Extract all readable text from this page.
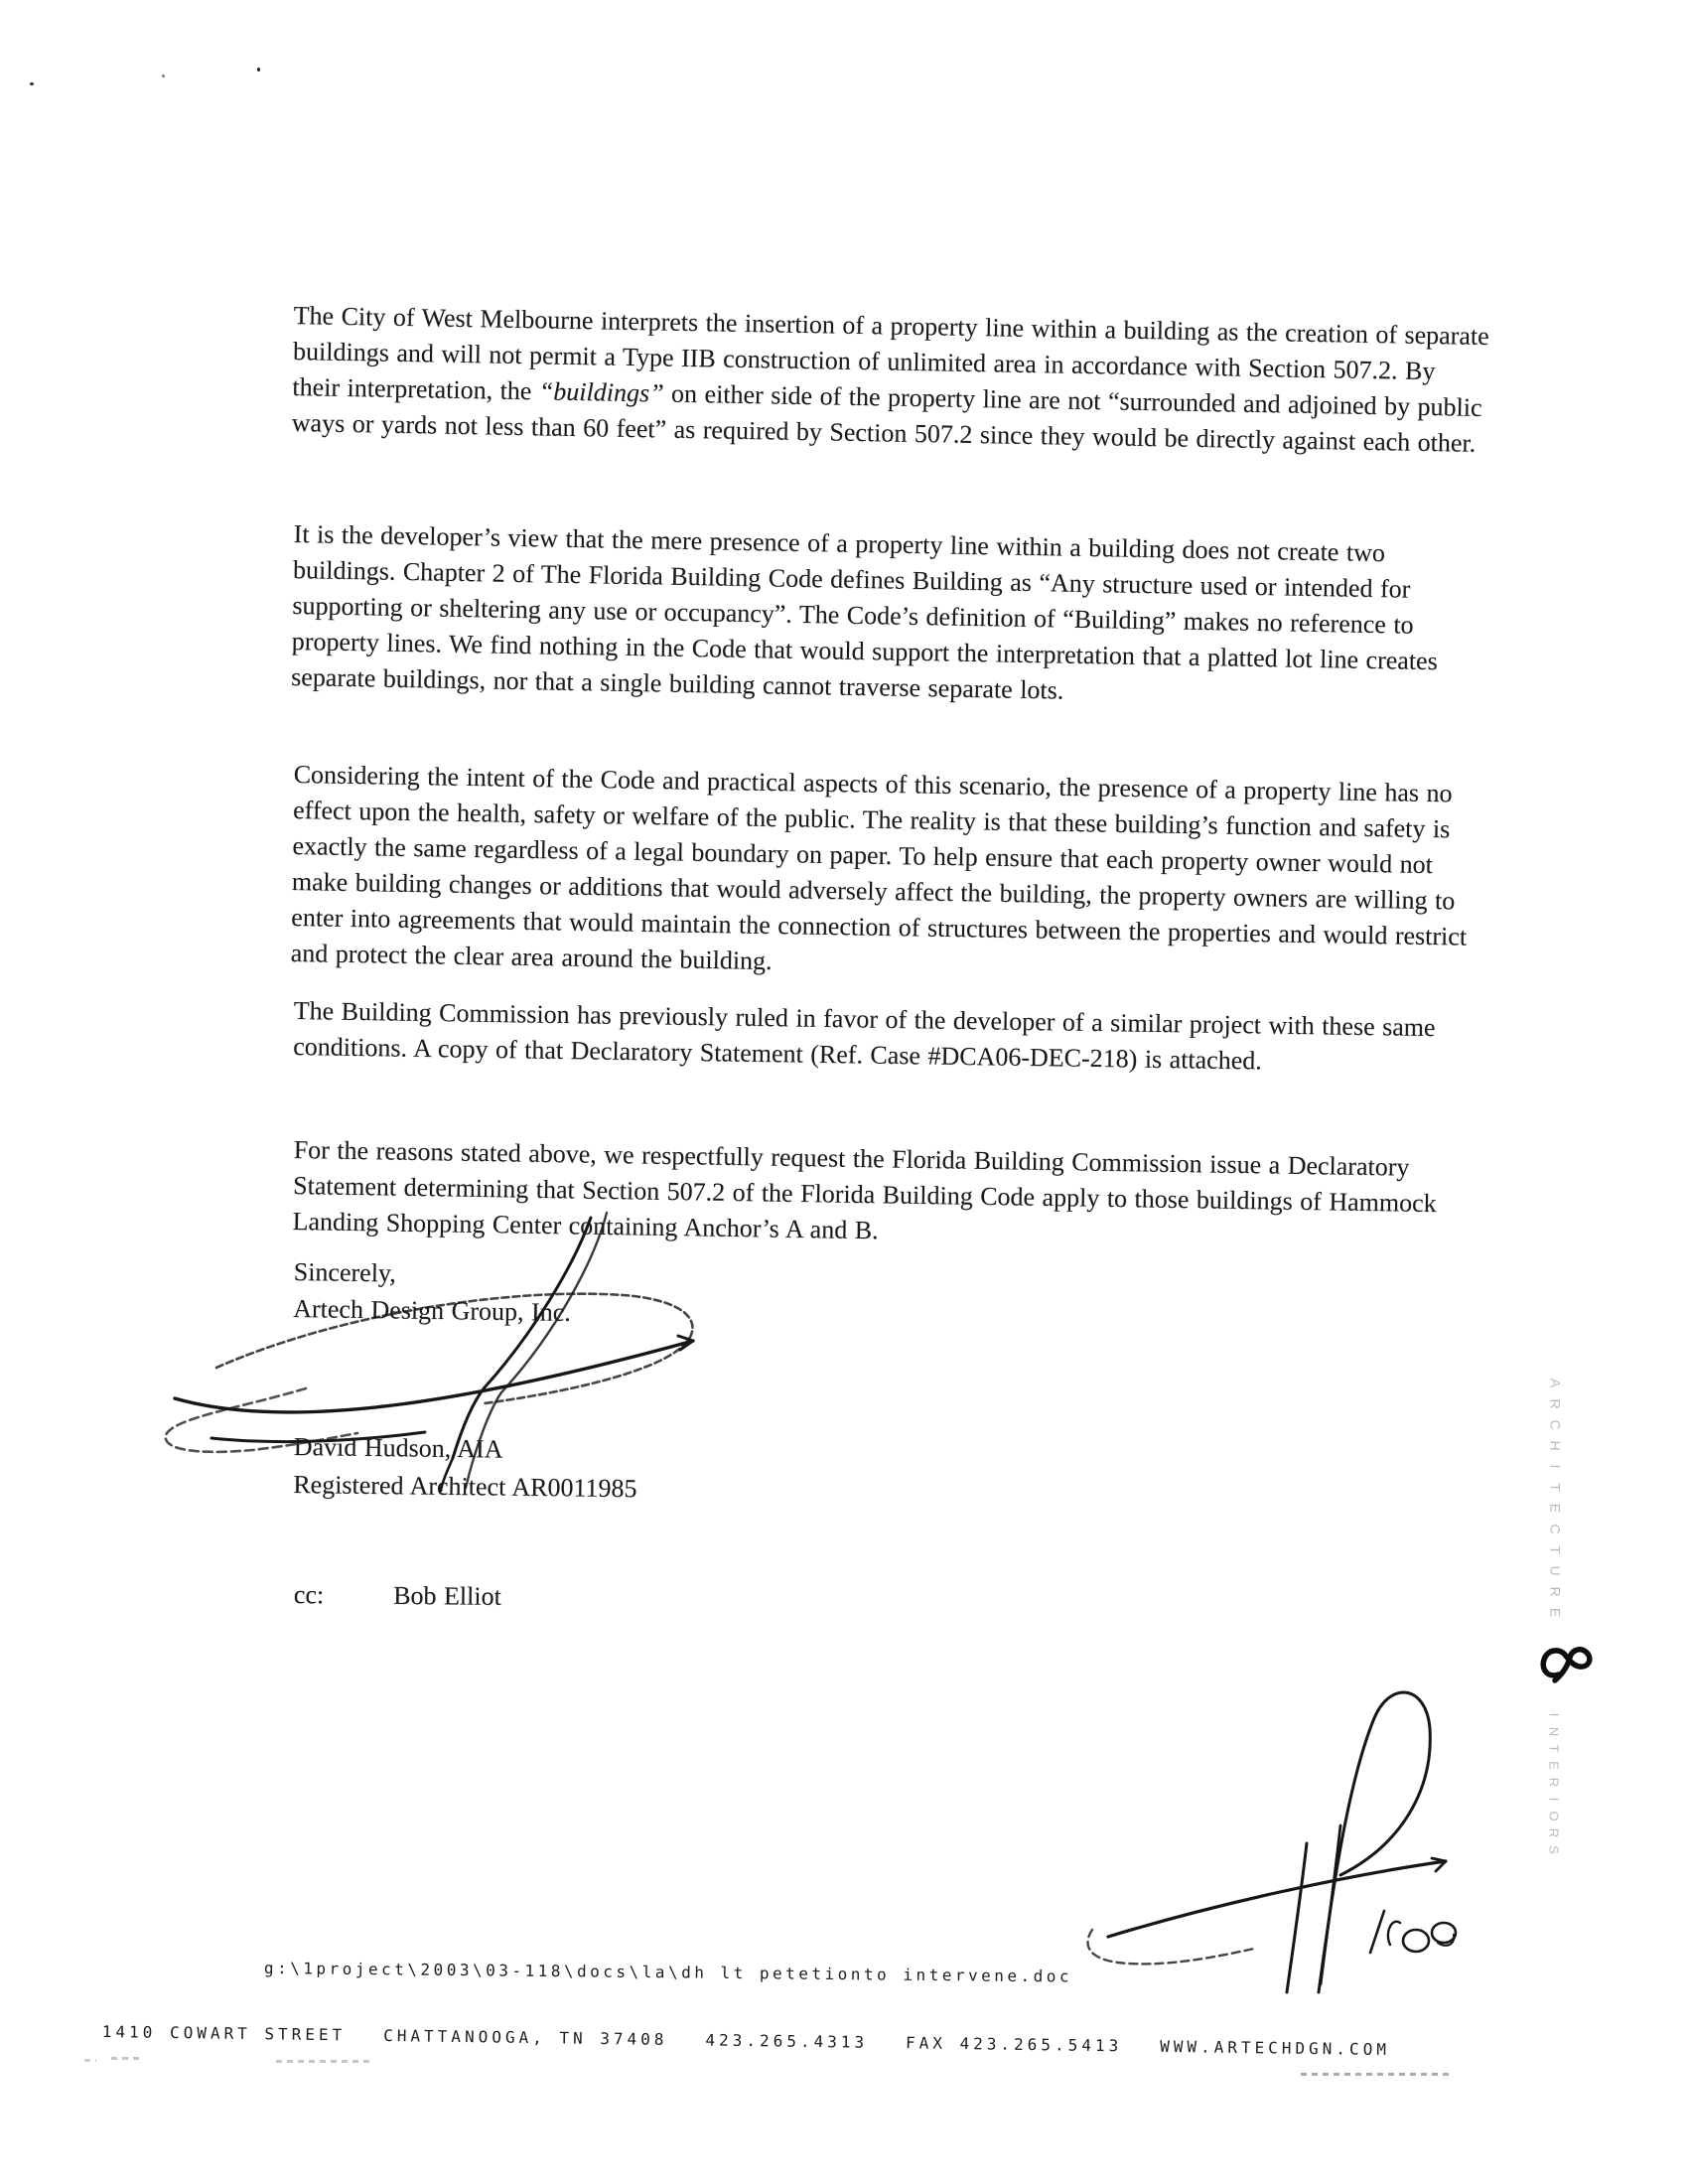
The City of West Melbourne interprets the insertion of a property line within a building as the creation of separate buildings and will not permit a Type IIB construction of unlimited area in accordance with Section 507.2. By their interpretation, the “buildings” on either side of the property line are not “surrounded and adjoined by public ways or yards not less than 60 feet” as required by Section 507.2 since they would be directly against each other.
It is the developer’s view that the mere presence of a property line within a building does not create two buildings. Chapter 2 of The Florida Building Code defines Building as “Any structure used or intended for supporting or sheltering any use or occupancy”. The Code’s definition of “Building” makes no reference to property lines. We find nothing in the Code that would support the interpretation that a platted lot line creates separate buildings, nor that a single building cannot traverse separate lots.
Considering the intent of the Code and practical aspects of this scenario, the presence of a property line has no effect upon the health, safety or welfare of the public. The reality is that these building’s function and safety is exactly the same regardless of a legal boundary on paper. To help ensure that each property owner would not make building changes or additions that would adversely affect the building, the property owners are willing to enter into agreements that would maintain the connection of structures between the properties and would restrict and protect the clear area around the building.
The Building Commission has previously ruled in favor of the developer of a similar project with these same conditions. A copy of that Declaratory Statement (Ref. Case #DCA06-DEC-218) is attached.
For the reasons stated above, we respectfully request the Florida Building Commission issue a Declaratory Statement determining that Section 507.2 of the Florida Building Code apply to those buildings of Hammock Landing Shopping Center containing Anchor’s A and B.
Sincerely,
Artech Design Group, Inc.
David Hudson, AIA
Registered Architect AR0011985
cc:	Bob Elliot
A
R
C
H
I
T
E
C
T
U
R
E
I
N
T
E
R
I
O
R
S
g:\1project\2003\03-118\docs\la\dh lt petetionto intervene.doc
1410 COWART STREET CHATTANOOGA, TN 37408 423.265.4313 FAX 423.265.5413 WWW.ARTECHDGN.COM
